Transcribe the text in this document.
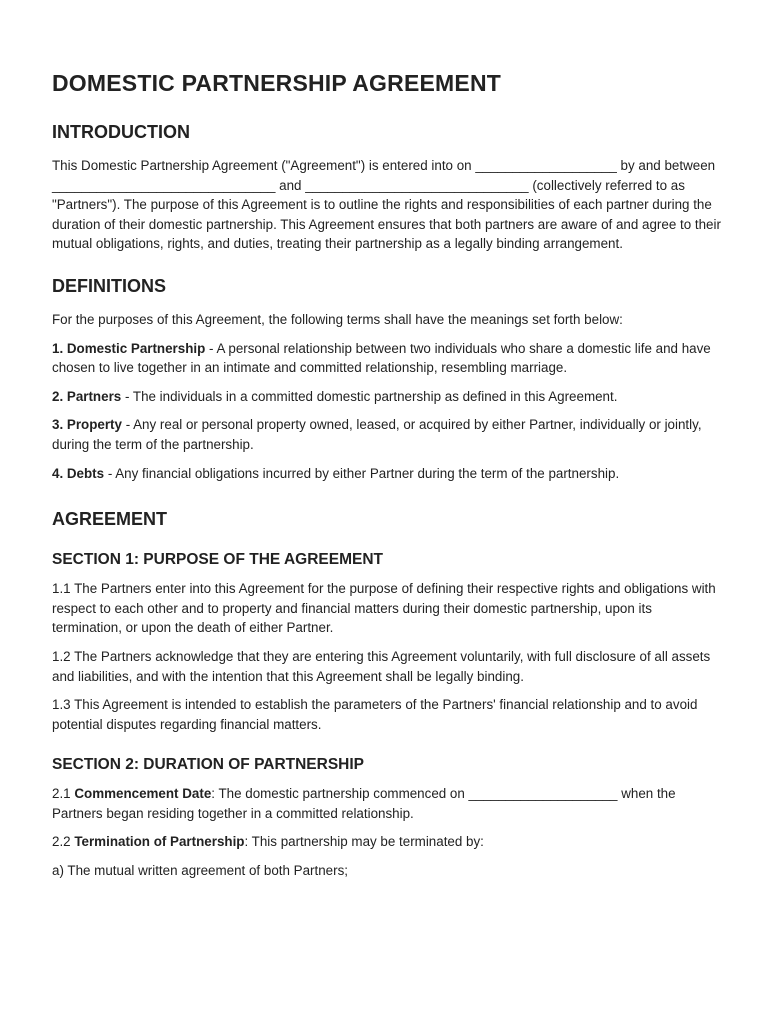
DOMESTIC PARTNERSHIP AGREEMENT
INTRODUCTION

This Domestic Partnership Agreement ("Agreement") is entered into on ___________________ by and between ______________________________ and ______________________________ (collectively referred to as "Partners"). The purpose of this Agreement is to outline the rights and responsibilities of each partner during the duration of their domestic partnership. This Agreement ensures that both partners are aware of and agree to their mutual obligations, rights, and duties, treating their partnership as a legally binding arrangement.

DEFINITIONS

For the purposes of this Agreement, the following terms shall have the meanings set forth below:

1. Domestic Partnership - A personal relationship between two individuals who share a domestic life and have chosen to live together in an intimate and committed relationship, resembling marriage.

2. Partners - The individuals in a committed domestic partnership as defined in this Agreement.

3. Property - Any real or personal property owned, leased, or acquired by either Partner, individually or jointly, during the term of the partnership.

4. Debts - Any financial obligations incurred by either Partner during the term of the partnership.

AGREEMENT
SECTION 1: PURPOSE OF THE AGREEMENT

1.1 The Partners enter into this Agreement for the purpose of defining their respective rights and obligations with respect to each other and to property and financial matters during their domestic partnership, upon its termination, or upon the death of either Partner.

1.2 The Partners acknowledge that they are entering this Agreement voluntarily, with full disclosure of all assets and liabilities, and with the intention that this Agreement shall be legally binding.

1.3 This Agreement is intended to establish the parameters of the Partners' financial relationship and to avoid potential disputes regarding financial matters.

SECTION 2: DURATION OF PARTNERSHIP

2.1 Commencement Date: The domestic partnership commenced on ____________________ when the Partners began residing together in a committed relationship.

2.2 Termination of Partnership: This partnership may be terminated by:

a) The mutual written agreement of both Partners;
